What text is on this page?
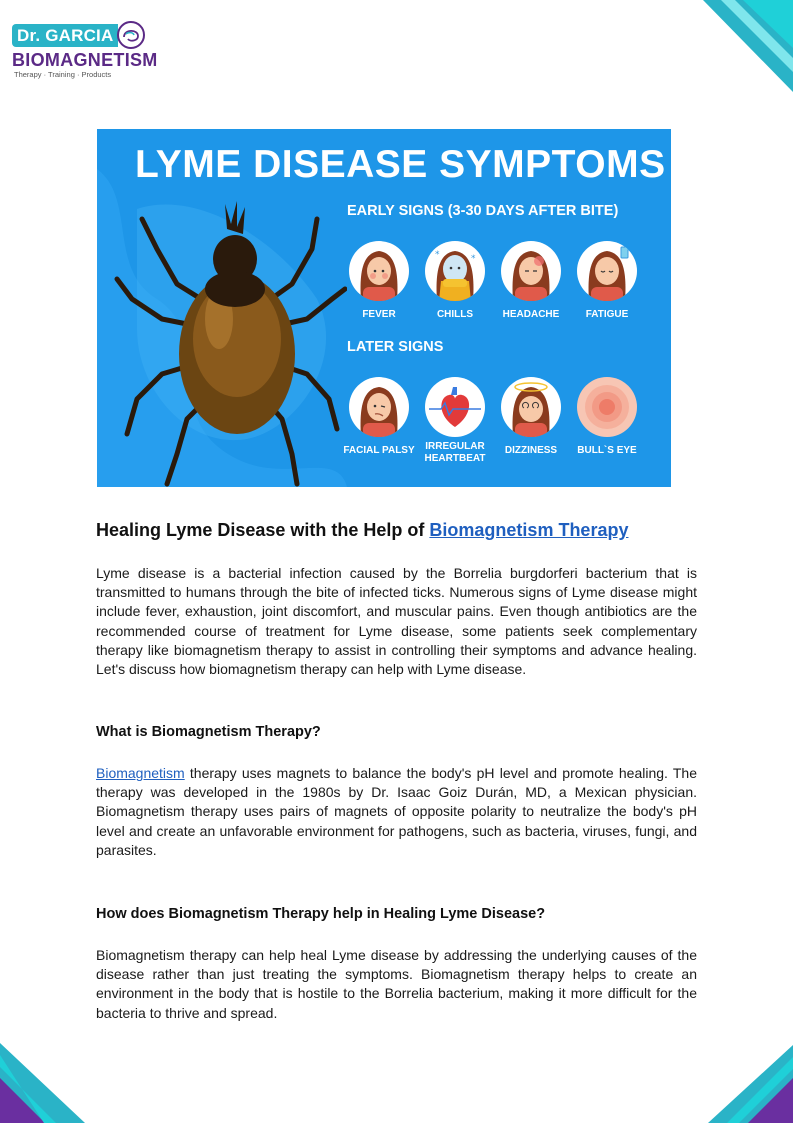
Dr. GARCIA
BIOMAGNETISM
Therapy · Training · Products
LYME DISEASE SYMPTOMS
EARLY SIGNS (3-30 DAYS AFTER BITE)
LATER SIGNS
FEVER
*	*
CHILLS	HEADACHE	FATIGUE
FACIAL PALSY	IRREGULAR HEARTBEAT
DIZZINESS	BULL`S EYE
Healing Lyme Disease with the Help of Biomagnetism Therapy
Lyme disease is a bacterial infection caused by the Borrelia burgdorferi bacterium that is transmitted to humans through the bite of infected ticks. Numerous signs of Lyme disease might include fever, exhaustion, joint discomfort, and muscular pains. Even though antibiotics are the recommended course of treatment for Lyme disease, some patients seek complementary therapy like biomagnetism therapy to assist in controlling their symptoms and advance healing. Let's discuss how biomagnetism therapy can help with Lyme disease.
What is Biomagnetism Therapy?
Biomagnetism therapy uses magnets to balance the body's pH level and promote healing. The therapy was developed in the 1980s by Dr. Isaac Goiz Durán, MD, a Mexican physician. Biomagnetism therapy uses pairs of magnets of opposite polarity to neutralize the body's pH level and create an unfavorable environment for pathogens, such as bacteria, viruses, fungi, and parasites.
How does Biomagnetism Therapy help in Healing Lyme Disease?
Biomagnetism therapy can help heal Lyme disease by addressing the underlying causes of the disease rather than just treating the symptoms. Biomagnetism therapy helps to create an environment in the body that is hostile to the Borrelia bacterium, making it more difficult for the bacteria to thrive and spread.
